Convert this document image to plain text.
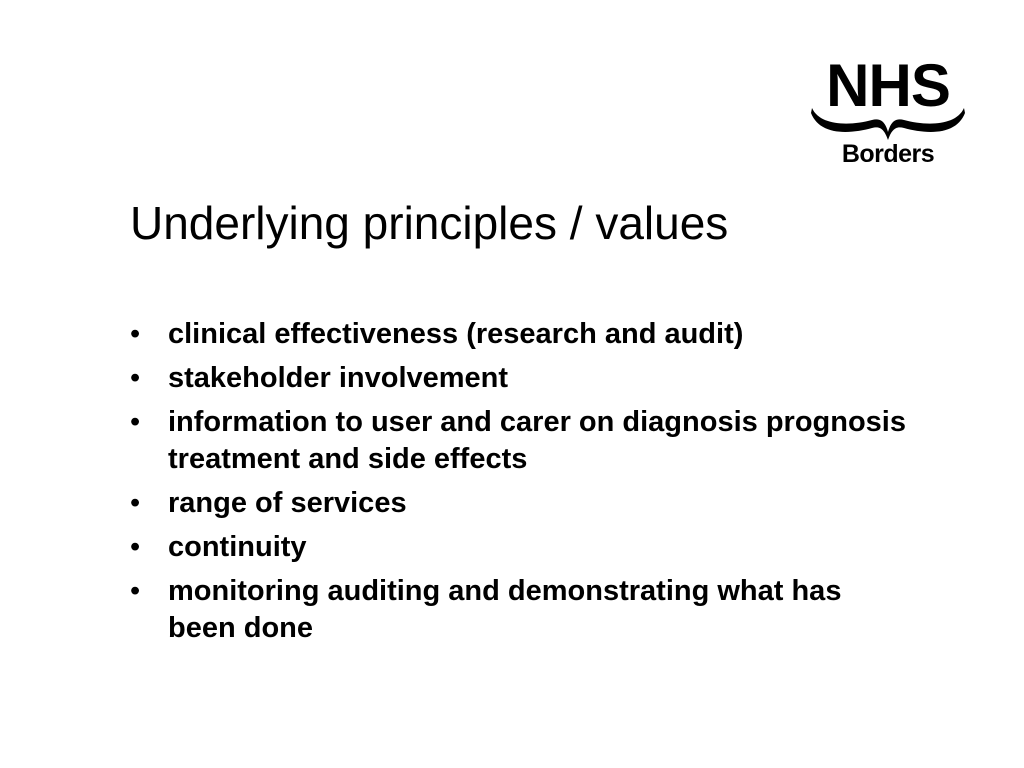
NHS
Borders
Underlying principles / values
• clinical effectiveness (research and audit)
• stakeholder involvement
• information to user and carer on diagnosis prognosis treatment and side effects
• range of services
• continuity
• monitoring auditing and demonstrating what has been done
